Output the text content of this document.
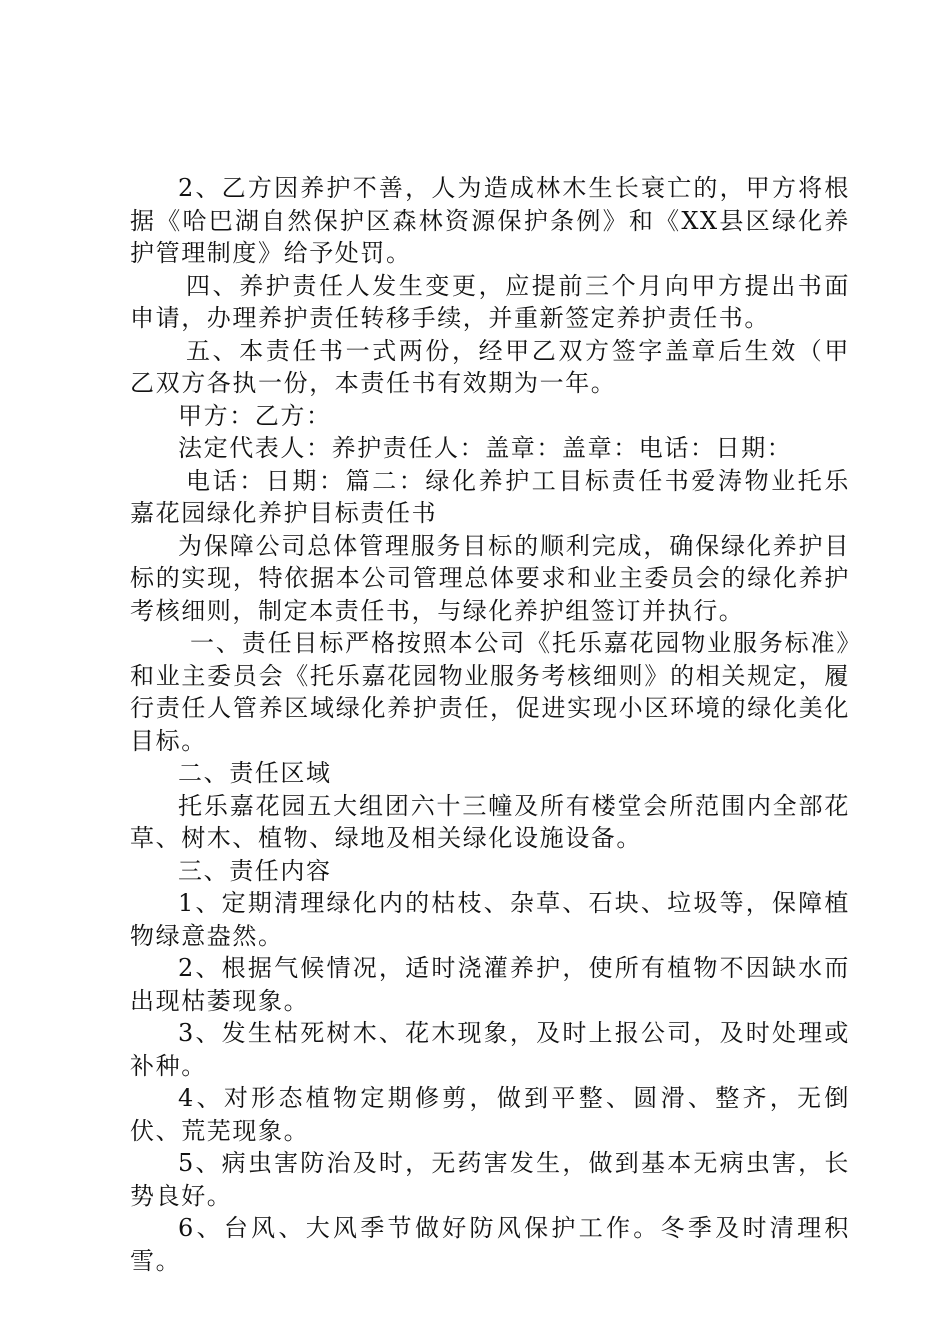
2、乙方因养护不善，人为造成林木生长衰亡的，甲方将根据《哈巴湖自然保护区森林资源保护条例》和《XX县区绿化养护管理制度》给予处罚。

四、养护责任人发生变更，应提前三个月向甲方提出书面申请，办理养护责任转移手续，并重新签定养护责任书。

五、本责任书一式两份，经甲乙双方签字盖章后生效（甲乙双方各执一份，本责任书有效期为一年。

甲方：乙方：

法定代表人：养护责任人：盖章：盖章：电话：日期：

电话：日期：篇二：绿化养护工目标责任书爱涛物业托乐嘉花园绿化养护目标责任书

为保障公司总体管理服务目标的顺利完成，确保绿化养护目标的实现，特依据本公司管理总体要求和业主委员会的绿化养护考核细则，制定本责任书，与绿化养护组签订并执行。

一、责任目标严格按照本公司《托乐嘉花园物业服务标准》和业主委员会《托乐嘉花园物业服务考核细则》的相关规定，履行责任人管养区域绿化养护责任，促进实现小区环境的绿化美化目标。

二、责任区域

托乐嘉花园五大组团六十三幢及所有楼堂会所范围内全部花草、树木、植物、绿地及相关绿化设施设备。

三、责任内容

1、定期清理绿化内的枯枝、杂草、石块、垃圾等，保障植物绿意盎然。

2、根据气候情况，适时浇灌养护，使所有植物不因缺水而出现枯萎现象。

3、发生枯死树木、花木现象，及时上报公司，及时处理或补种。

4、对形态植物定期修剪，做到平整、圆滑、整齐，无倒伏、荒芜现象。

5、病虫害防治及时，无药害发生，做到基本无病虫害，长势良好。

6、台风、大风季节做好防风保护工作。冬季及时清理积雪。
